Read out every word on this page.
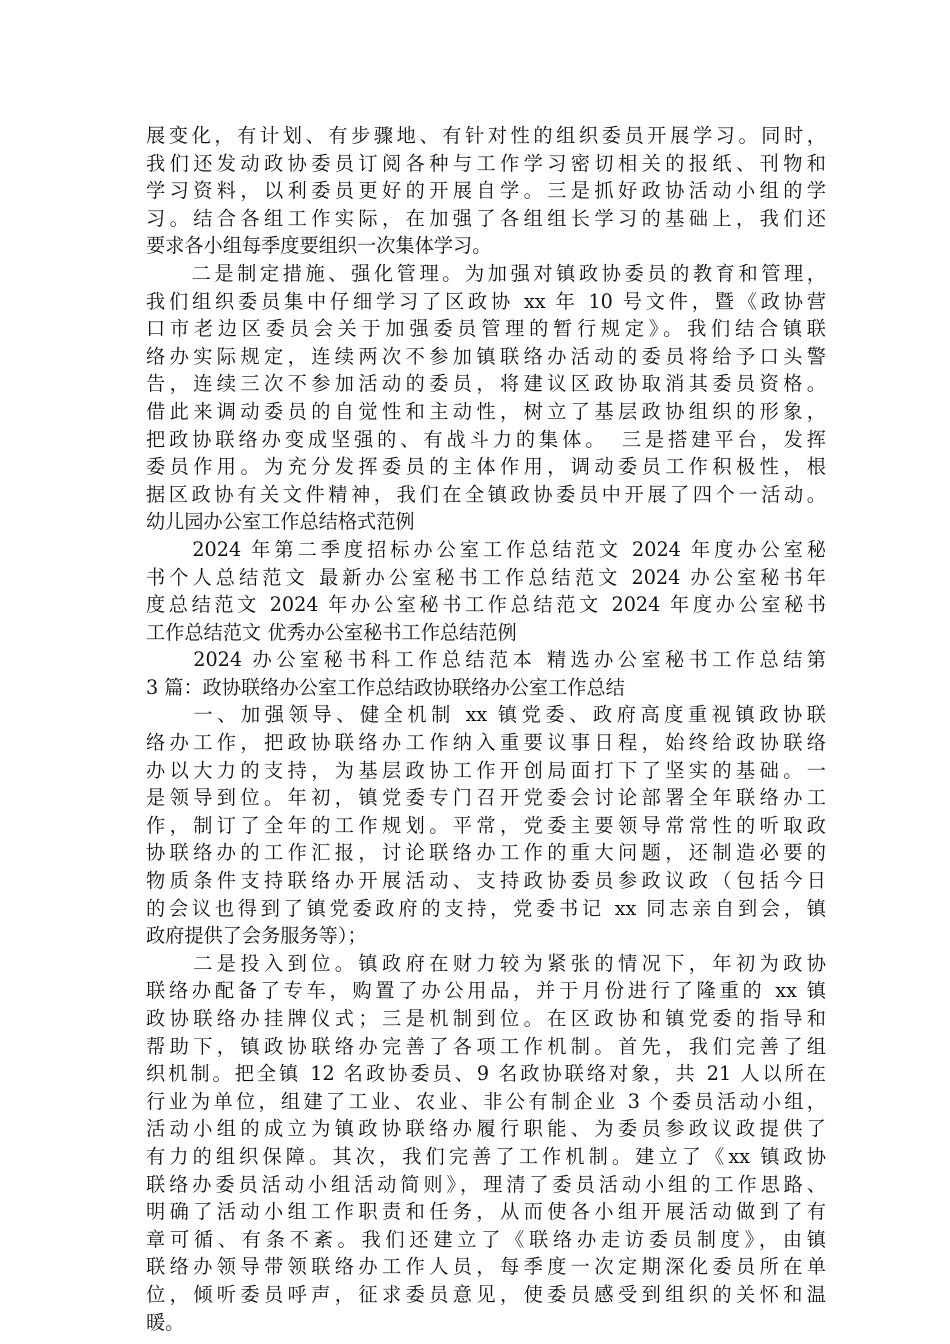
展变化，有计划、有步骤地、有针对性的组织委员开展学习。同时，
我们还发动政协委员订阅各种与工作学习密切相关的报纸、刊物和
学习资料，以利委员更好的开展自学。三是抓好政协活动小组的学
习。结合各组工作实际，在加强了各组组长学习的基础上，我们还
要求各小组每季度要组织一次集体学习。
　　二是制定措施、强化管理。为加强对镇政协委员的教育和管理，
我们组织委员集中仔细学习了区政协 xx 年 10 号文件，暨《政协营
口市老边区委员会关于加强委员管理的暂行规定》。我们结合镇联
络办实际规定，连续两次不参加镇联络办活动的委员将给予口头警
告，连续三次不参加活动的委员，将建议区政协取消其委员资格。
借此来调动委员的自觉性和主动性，树立了基层政协组织的形象，
把政协联络办变成坚强的、有战斗力的集体。　三是搭建平台，发挥
委员作用。为充分发挥委员的主体作用，调动委员工作积极性，根
据区政协有关文件精神，我们在全镇政协委员中开展了四个一活动。
幼儿园办公室工作总结格式范例
　　2024 年第二季度招标办公室工作总结范文 2024 年度办公室秘
书个人总结范文 最新办公室秘书工作总结范文 2024 办公室秘书年
度总结范文 2024 年办公室秘书工作总结范文 2024 年度办公室秘书
工作总结范文 优秀办公室秘书工作总结范例
　　2024 办公室秘书科工作总结范本 精选办公室秘书工作总结第
3 篇：政协联络办公室工作总结政协联络办公室工作总结
　　一、加强领导、健全机制 xx 镇党委、政府高度重视镇政协联
络办工作，把政协联络办工作纳入重要议事日程，始终给政协联络
办以大力的支持，为基层政协工作开创局面打下了坚实的基础。一
是领导到位。年初，镇党委专门召开党委会讨论部署全年联络办工
作，制订了全年的工作规划。平常，党委主要领导常常性的听取政
协联络办的工作汇报，讨论联络办工作的重大问题，还制造必要的
物质条件支持联络办开展活动、支持政协委员参政议政（包括今日
的会议也得到了镇党委政府的支持，党委书记 xx 同志亲自到会，镇
政府提供了会务服务等）；
　　二是投入到位。镇政府在财力较为紧张的情况下，年初为政协
联络办配备了专车，购置了办公用品，并于月份进行了隆重的 xx 镇
政协联络办挂牌仪式；三是机制到位。在区政协和镇党委的指导和
帮助下，镇政协联络办完善了各项工作机制。首先，我们完善了组
织机制。把全镇 12 名政协委员、9 名政协联络对象，共 21 人以所在
行业为单位，组建了工业、农业、非公有制企业 3 个委员活动小组，
活动小组的成立为镇政协联络办履行职能、为委员参政议政提供了
有力的组织保障。其次，我们完善了工作机制。建立了《xx 镇政协
联络办委员活动小组活动简则》，理清了委员活动小组的工作思路、
明确了活动小组工作职责和任务，从而使各小组开展活动做到了有
章可循、有条不紊。我们还建立了《联络办走访委员制度》，由镇
联络办领导带领联络办工作人员，每季度一次定期深化委员所在单
位，倾听委员呼声，征求委员意见，使委员感受到组织的关怀和温
暖。
